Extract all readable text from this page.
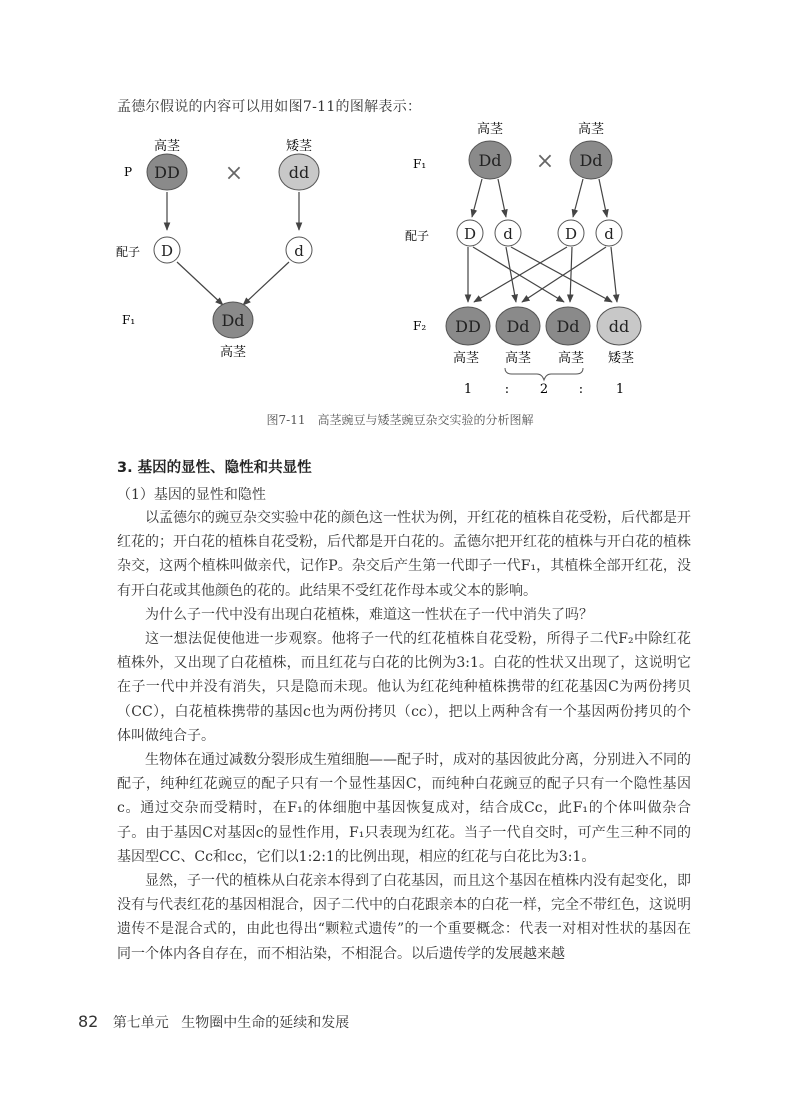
孟德尔假说的内容可以用如图7-11的图解表示：
P
配子
F₁
高茎
DD ×
矮茎
dd
D	d
Dd
高茎
F₁
配子
F₂
高茎
Dd ×
高茎
Dd
D d	D d
DD Dd Dd dd
高茎 高茎 高茎 矮茎
1	: 2 :	1
图7-11　高茎豌豆与矮茎豌豆杂交实验的分析图解
3. 基因的显性、隐性和共显性
（1）基因的显性和隐性

以孟德尔的豌豆杂交实验中花的颜色这一性状为例，开红花的植株自花受粉，后代都是开红花的；开白花的植株自花受粉，后代都是开白花的。孟德尔把开红花的植株与开白花的植株杂交，这两个植株叫做亲代，记作P。杂交后产生第一代即子一代F₁，其植株全部开红花，没有开白花或其他颜色的花的。此结果不受红花作母本或父本的影响。

为什么子一代中没有出现白花植株，难道这一性状在子一代中消失了吗？

这一想法促使他进一步观察。他将子一代的红花植株自花受粉，所得子二代F₂中除红花植株外，又出现了白花植株，而且红花与白花的比例为3:1。白花的性状又出现了，这说明它在子一代中并没有消失，只是隐而未现。他认为红花纯种植株携带的红花基因C为两份拷贝（CC），白花植株携带的基因c也为两份拷贝（cc），把以上两种含有一个基因两份拷贝的个体叫做纯合子。

生物体在通过减数分裂形成生殖细胞——配子时，成对的基因彼此分离，分别进入不同的配子，纯种红花豌豆的配子只有一个显性基因C，而纯种白花豌豆的配子只有一个隐性基因c。通过交杂而受精时，在F₁的体细胞中基因恢复成对，结合成Cc，此F₁的个体叫做杂合子。由于基因C对基因c的显性作用，F₁只表现为红花。当子一代自交时，可产生三种不同的基因型CC、Cc和cc，它们以1:2:1的比例出现，相应的红花与白花比为3:1。

显然，子一代的植株从白花亲本得到了白花基因，而且这个基因在植株内没有起变化，即没有与代表红花的基因相混合，因子二代中的白花跟亲本的白花一样，完全不带红色，这说明遗传不是混合式的，由此也得出“颗粒式遗传”的一个重要概念：代表一对相对性状的基因在同一个体内各自存在，而不相沾染，不相混合。以后遗传学的发展越来越

82 第七单元 生物圈中生命的延续和发展
